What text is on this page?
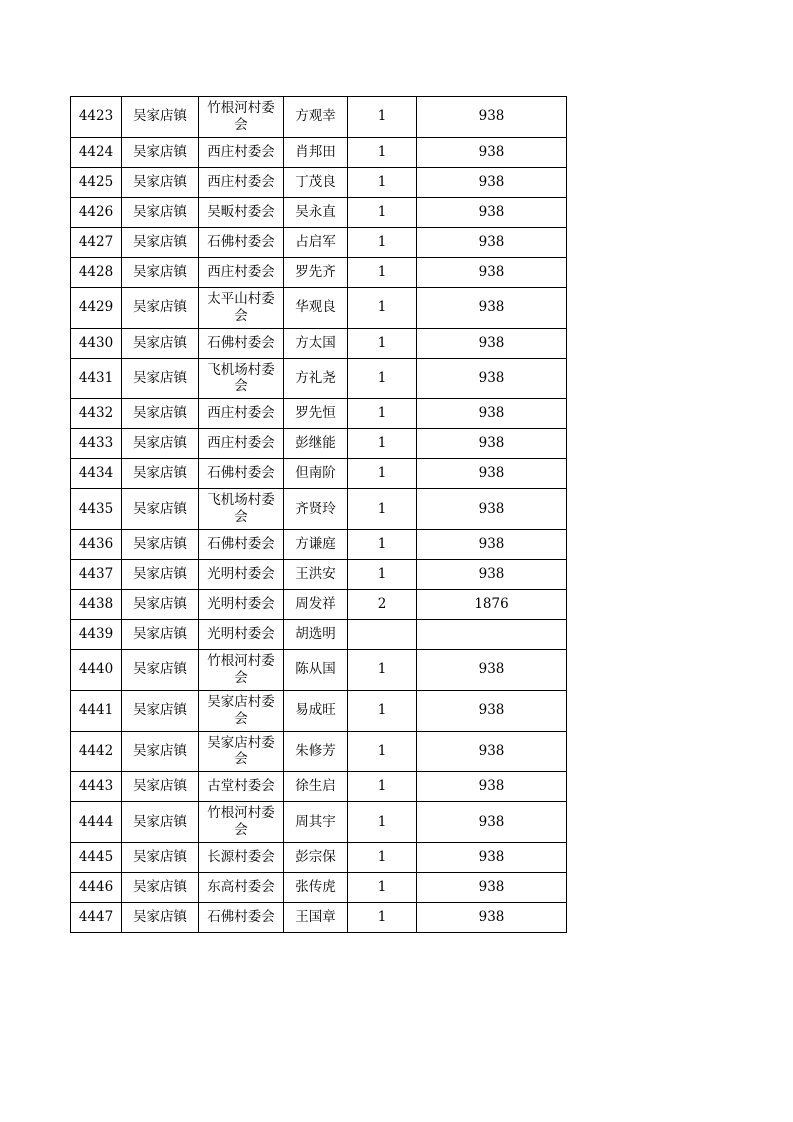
4423	吴家店镇	竹根河村委会	方观幸	1	938
4424	吴家店镇	西庄村委会	肖邦田	1	938
4425	吴家店镇	西庄村委会	丁茂良	1	938
4426	吴家店镇	吴畈村委会	吴永直	1	938
4427	吴家店镇	石佛村委会	占启军	1	938
4428	吴家店镇	西庄村委会	罗先齐	1	938
4429	吴家店镇	太平山村委会	华观良	1	938
4430	吴家店镇	石佛村委会	方太国	1	938
4431	吴家店镇	飞机场村委会	方礼尧	1	938
4432	吴家店镇	西庄村委会	罗先恒	1	938
4433	吴家店镇	西庄村委会	彭继能	1	938
4434	吴家店镇	石佛村委会	但南阶	1	938
4435	吴家店镇	飞机场村委会	齐贤玲	1	938
4436	吴家店镇	石佛村委会	方谦庭	1	938
4437	吴家店镇	光明村委会	王洪安	1	938
4438	吴家店镇	光明村委会	周发祥	2	1876
4439	吴家店镇	光明村委会	胡选明		
4440	吴家店镇	竹根河村委会	陈从国	1	938
4441	吴家店镇	吴家店村委会	易成旺	1	938
4442	吴家店镇	吴家店村委会	朱修芳	1	938
4443	吴家店镇	古堂村委会	徐生启	1	938
4444	吴家店镇	竹根河村委会	周其宇	1	938
4445	吴家店镇	长源村委会	彭宗保	1	938
4446	吴家店镇	东高村委会	张传虎	1	938
4447	吴家店镇	石佛村委会	王国章	1	938
